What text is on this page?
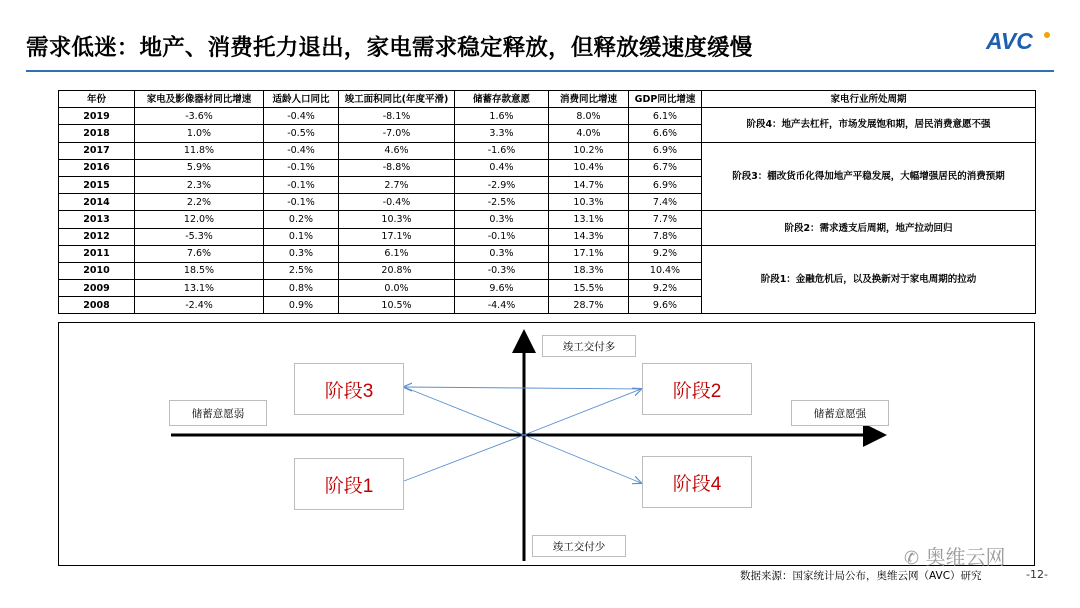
需求低迷：地产、消费托力退出，家电需求稳定释放，但释放缓速度缓慢	AVC
年份	家电及影像器材同比增速	适龄人口同比	竣工面积同比(年度平滑)	储蓄存款意愿	消费同比增速	GDP同比增速	家电行业所处周期
2019	-3.6%	-0.4%	-8.1%	1.6%	8.0%	6.1%	阶段4：地产去杠杆，市场发展饱和期，居民消费意愿不强
2018	1.0%	-0.5%	-7.0%	3.3%	4.0%	6.6%	
2017	11.8%	-0.4%	4.6%	-1.6%	10.2%	6.9%	阶段3：棚改货币化得加地产平稳发展，大幅增强居民的消费预期
2016	5.9%	-0.1%	-8.8%	0.4%	10.4%	6.7%	
2015	2.3%	-0.1%	2.7%	-2.9%	14.7%	6.9%	
2014	2.2%	-0.1%	-0.4%	-2.5%	10.3%	7.4%	
2013	12.0%	0.2%	10.3%	0.3%	13.1%	7.7%	阶段2：需求透支后周期，地产拉动回归
2012	-5.3%	0.1%	17.1%	-0.1%	14.3%	7.8%	
2011	7.6%	0.3%	6.1%	0.3%	17.1%	9.2%	阶段1：金融危机后，以及换新对于家电周期的拉动
2010	18.5%	2.5%	20.8%	-0.3%	18.3%	10.4%	
2009	13.1%	0.8%	0.0%	9.6%	15.5%	9.2%	
2008	-2.4%	0.9%	10.5%	-4.4%	28.7%	9.6%	
竣工交付多
竣工交付少
储蓄意愿弱	储蓄意愿强
阶段3	阶段2
阶段1	阶段4
数据来源：国家统计局公布，奥维云网（AVC）研究	-12-
✆ 奥维云网
